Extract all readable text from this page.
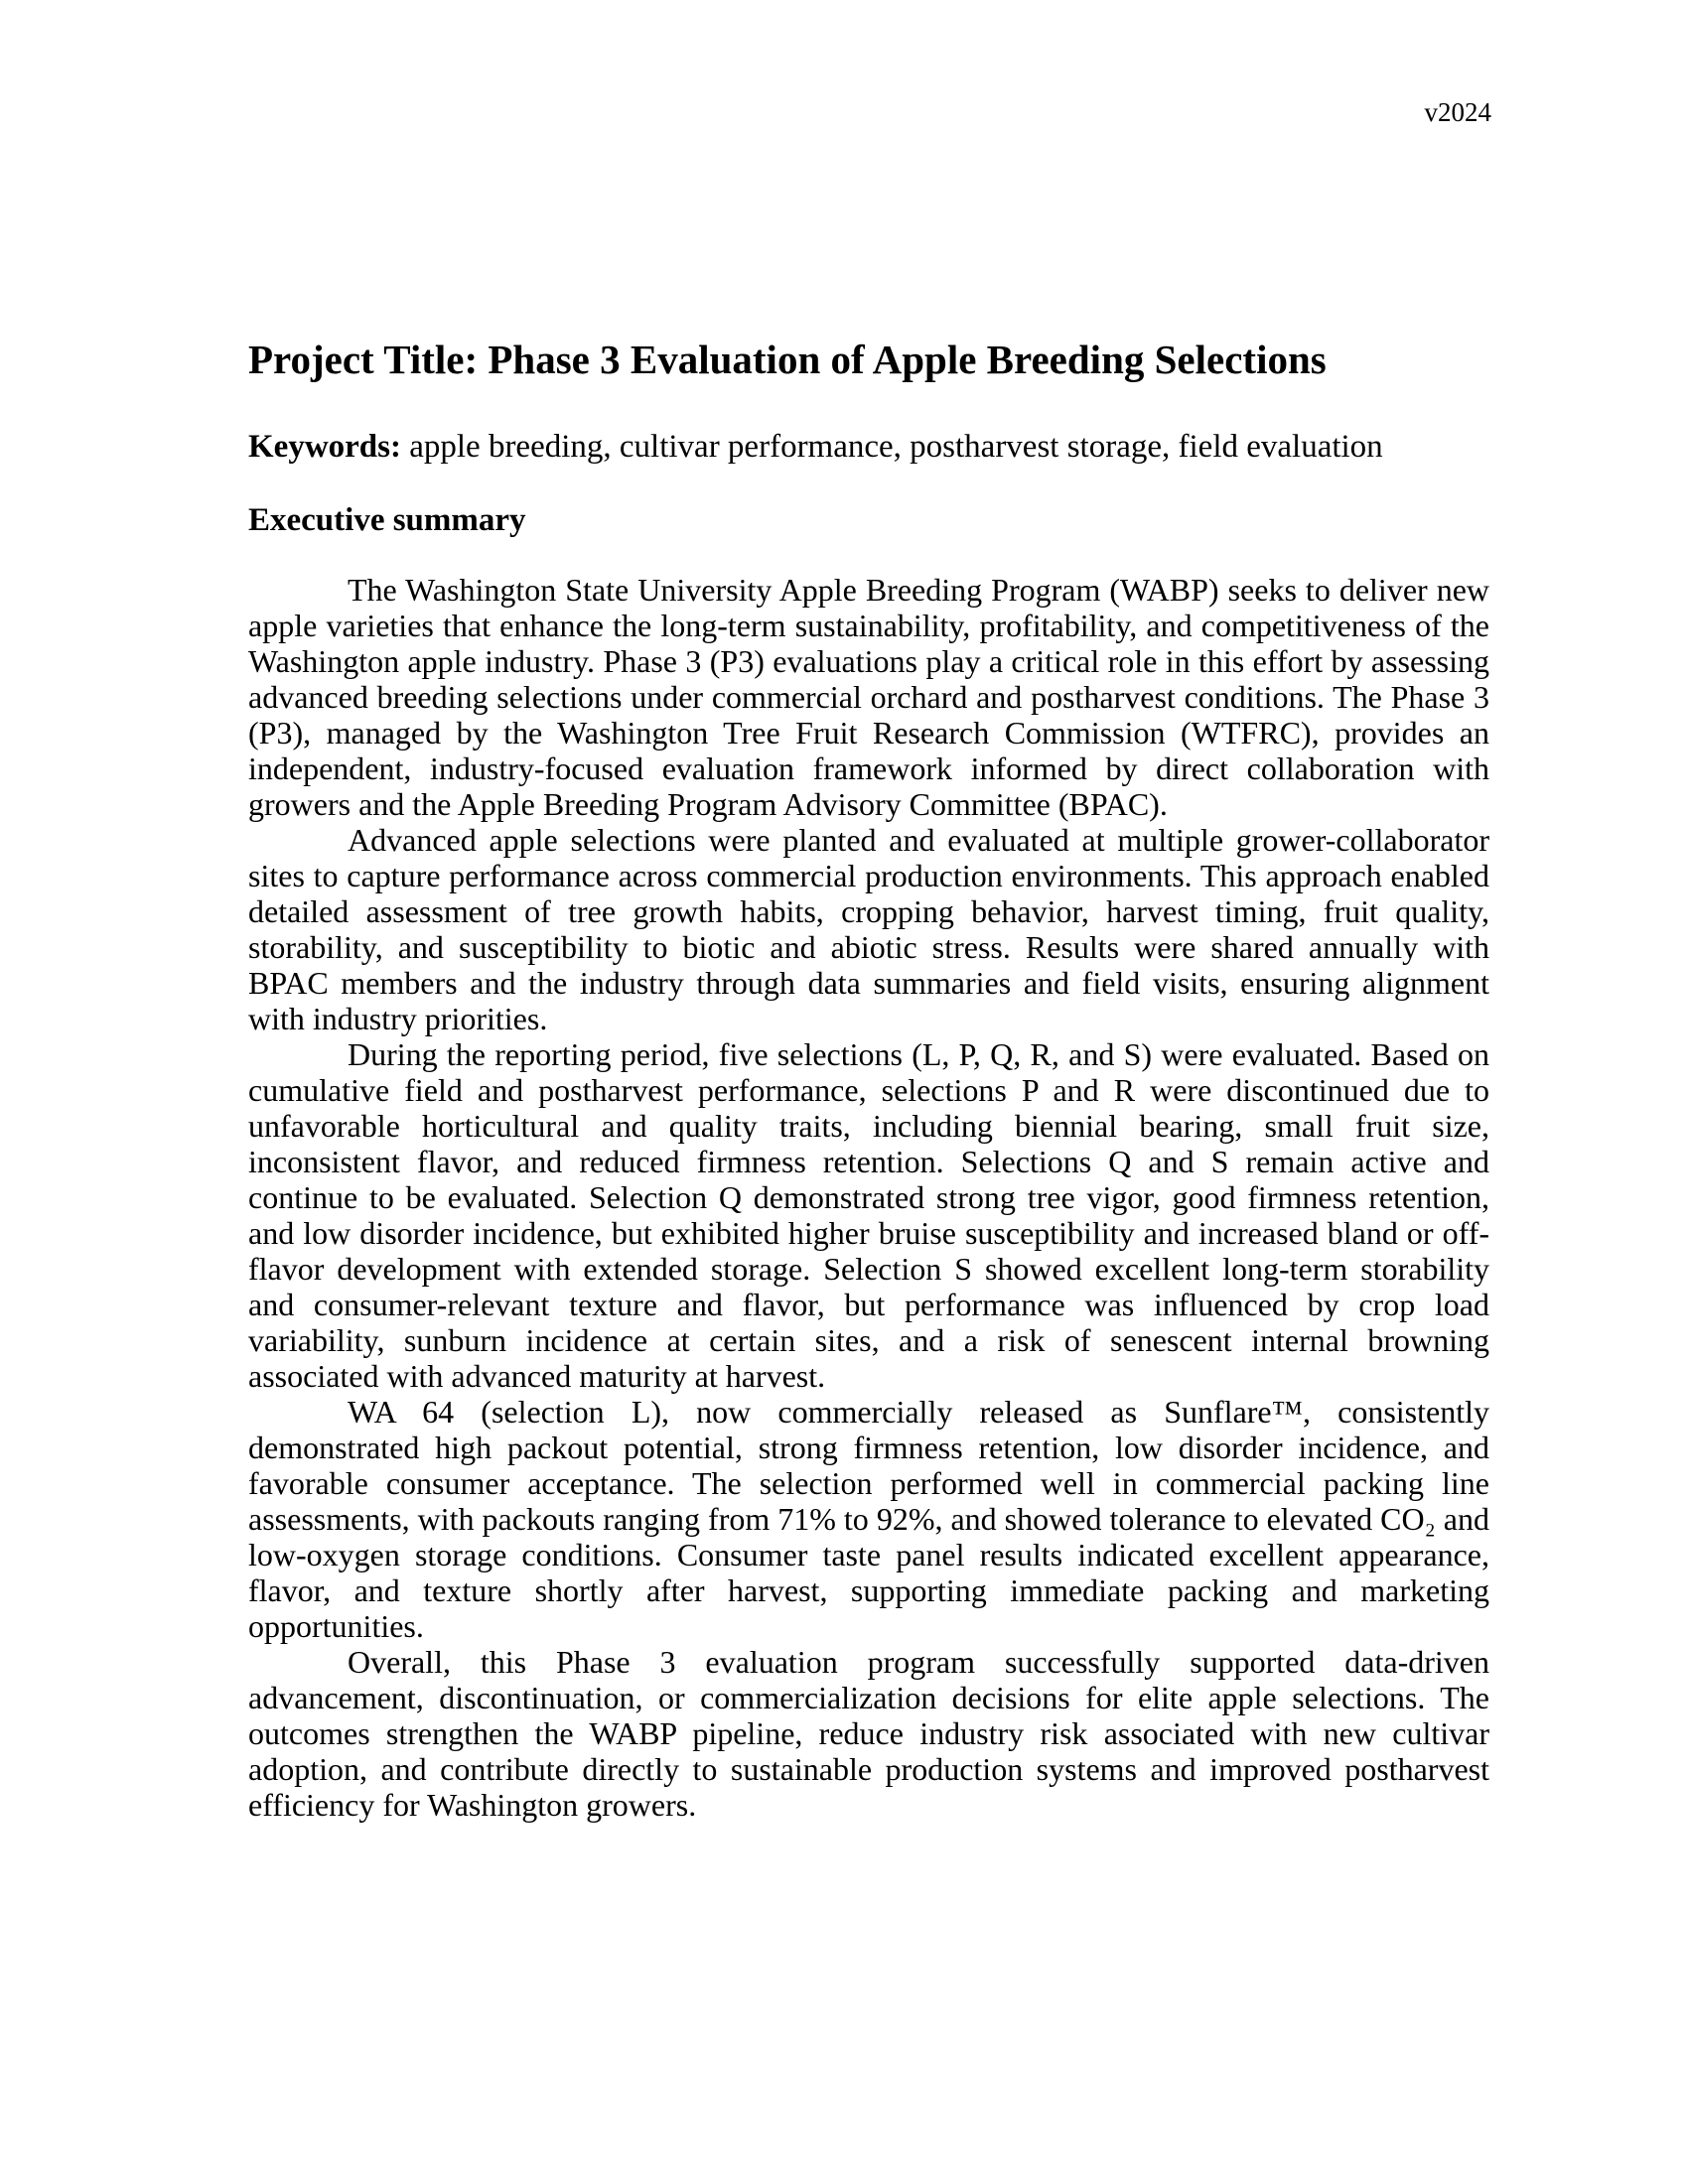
v2024
Project Title: Phase 3 Evaluation of Apple Breeding Selections

Keywords: apple breeding, cultivar performance, postharvest storage, field evaluation

Executive summary

The Washington State University Apple Breeding Program (WABP) seeks to deliver new apple varieties that enhance the long-term sustainability, profitability, and competitiveness of the Washington apple industry. Phase 3 (P3) evaluations play a critical role in this effort by assessing advanced breeding selections under commercial orchard and postharvest conditions. The Phase 3 (P3), managed by the Washington Tree Fruit Research Commission (WTFRC), provides an independent, industry-focused evaluation framework informed by direct collaboration with growers and the Apple Breeding Program Advisory Committee (BPAC).

Advanced apple selections were planted and evaluated at multiple grower-collaborator sites to capture performance across commercial production environments. This approach enabled detailed assessment of tree growth habits, cropping behavior, harvest timing, fruit quality, storability, and susceptibility to biotic and abiotic stress. Results were shared annually with BPAC members and the industry through data summaries and field visits, ensuring alignment with industry priorities.

During the reporting period, five selections (L, P, Q, R, and S) were evaluated. Based on cumulative field and postharvest performance, selections P and R were discontinued due to unfavorable horticultural and quality traits, including biennial bearing, small fruit size, inconsistent flavor, and reduced firmness retention. Selections Q and S remain active and continue to be evaluated. Selection Q demonstrated strong tree vigor, good firmness retention, and low disorder incidence, but exhibited higher bruise susceptibility and increased bland or off-flavor development with extended storage. Selection S showed excellent long-term storability and consumer-relevant texture and flavor, but performance was influenced by crop load variability, sunburn incidence at certain sites, and a risk of senescent internal browning associated with advanced maturity at harvest.

WA 64 (selection L), now commercially released as Sunflare™, consistently demonstrated high packout potential, strong firmness retention, low disorder incidence, and favorable consumer acceptance. The selection performed well in commercial packing line assessments, with packouts ranging from 71% to 92%, and showed tolerance to elevated CO₂ and low-oxygen storage conditions. Consumer taste panel results indicated excellent appearance, flavor, and texture shortly after harvest, supporting immediate packing and marketing opportunities.

Overall, this Phase 3 evaluation program successfully supported data-driven advancement, discontinuation, or commercialization decisions for elite apple selections. The outcomes strengthen the WABP pipeline, reduce industry risk associated with new cultivar adoption, and contribute directly to sustainable production systems and improved postharvest efficiency for Washington growers.
